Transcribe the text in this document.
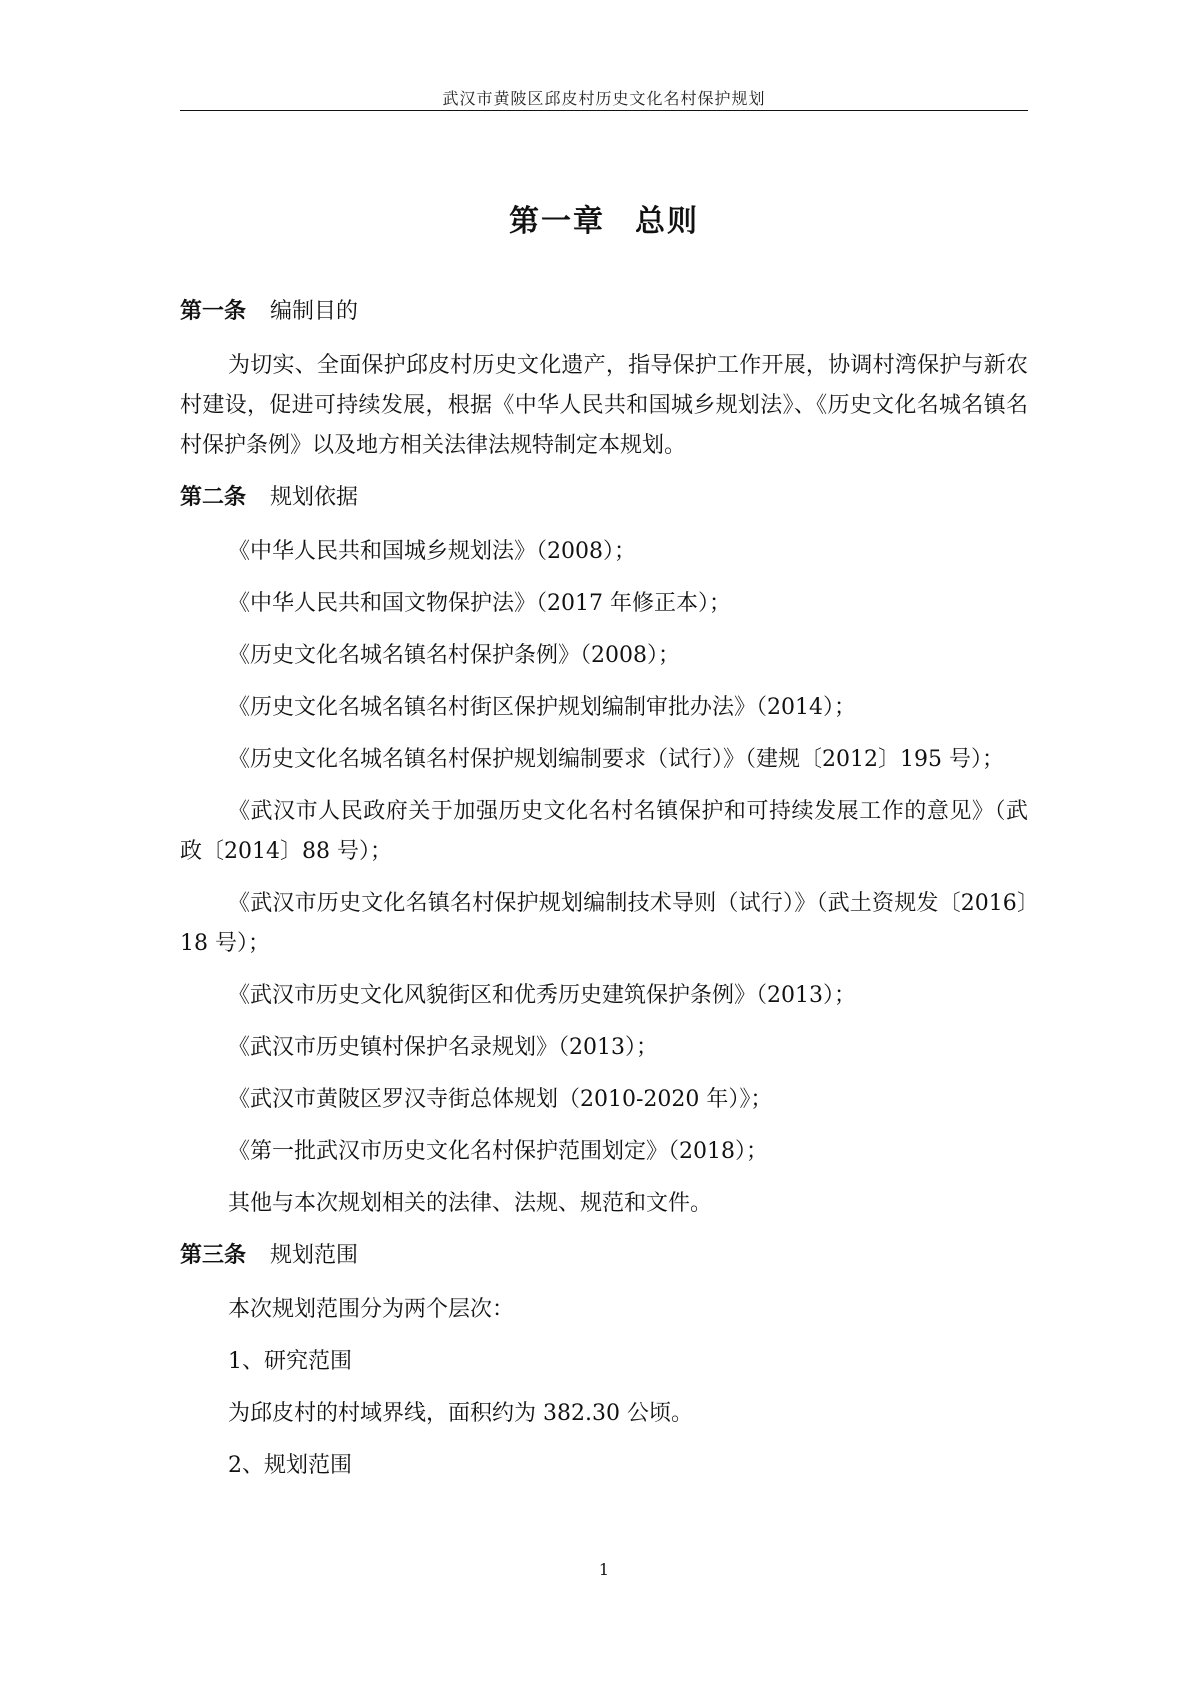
武汉市黄陂区邱皮村历史文化名村保护规划
第一章 总则
第一条 编制目的

为切实、全面保护邱皮村历史文化遗产，指导保护工作开展，协调村湾保护与新农村建设，促进可持续发展，根据《中华人民共和国城乡规划法》、《历史文化名城名镇名村保护条例》以及地方相关法律法规特制定本规划。

第二条 规划依据

《中华人民共和国城乡规划法》（2008）；

《中华人民共和国文物保护法》（2017 年修正本）；

《历史文化名城名镇名村保护条例》（2008）；

《历史文化名城名镇名村街区保护规划编制审批办法》（2014）；

《历史文化名城名镇名村保护规划编制要求（试行）》（建规〔2012〕195 号）；

《武汉市人民政府关于加强历史文化名村名镇保护和可持续发展工作的意见》（武政〔2014〕88 号）；

《武汉市历史文化名镇名村保护规划编制技术导则（试行）》（武土资规发〔2016〕18 号）；

《武汉市历史文化风貌街区和优秀历史建筑保护条例》（2013）；

《武汉市历史镇村保护名录规划》（2013）；

《武汉市黄陂区罗汉寺街总体规划（2010-2020 年）》；

《第一批武汉市历史文化名村保护范围划定》（2018）；

其他与本次规划相关的法律、法规、规范和文件。

第三条 规划范围

本次规划范围分为两个层次：

1、研究范围

为邱皮村的村域界线，面积约为 382.30 公顷。

2、规划范围

1
